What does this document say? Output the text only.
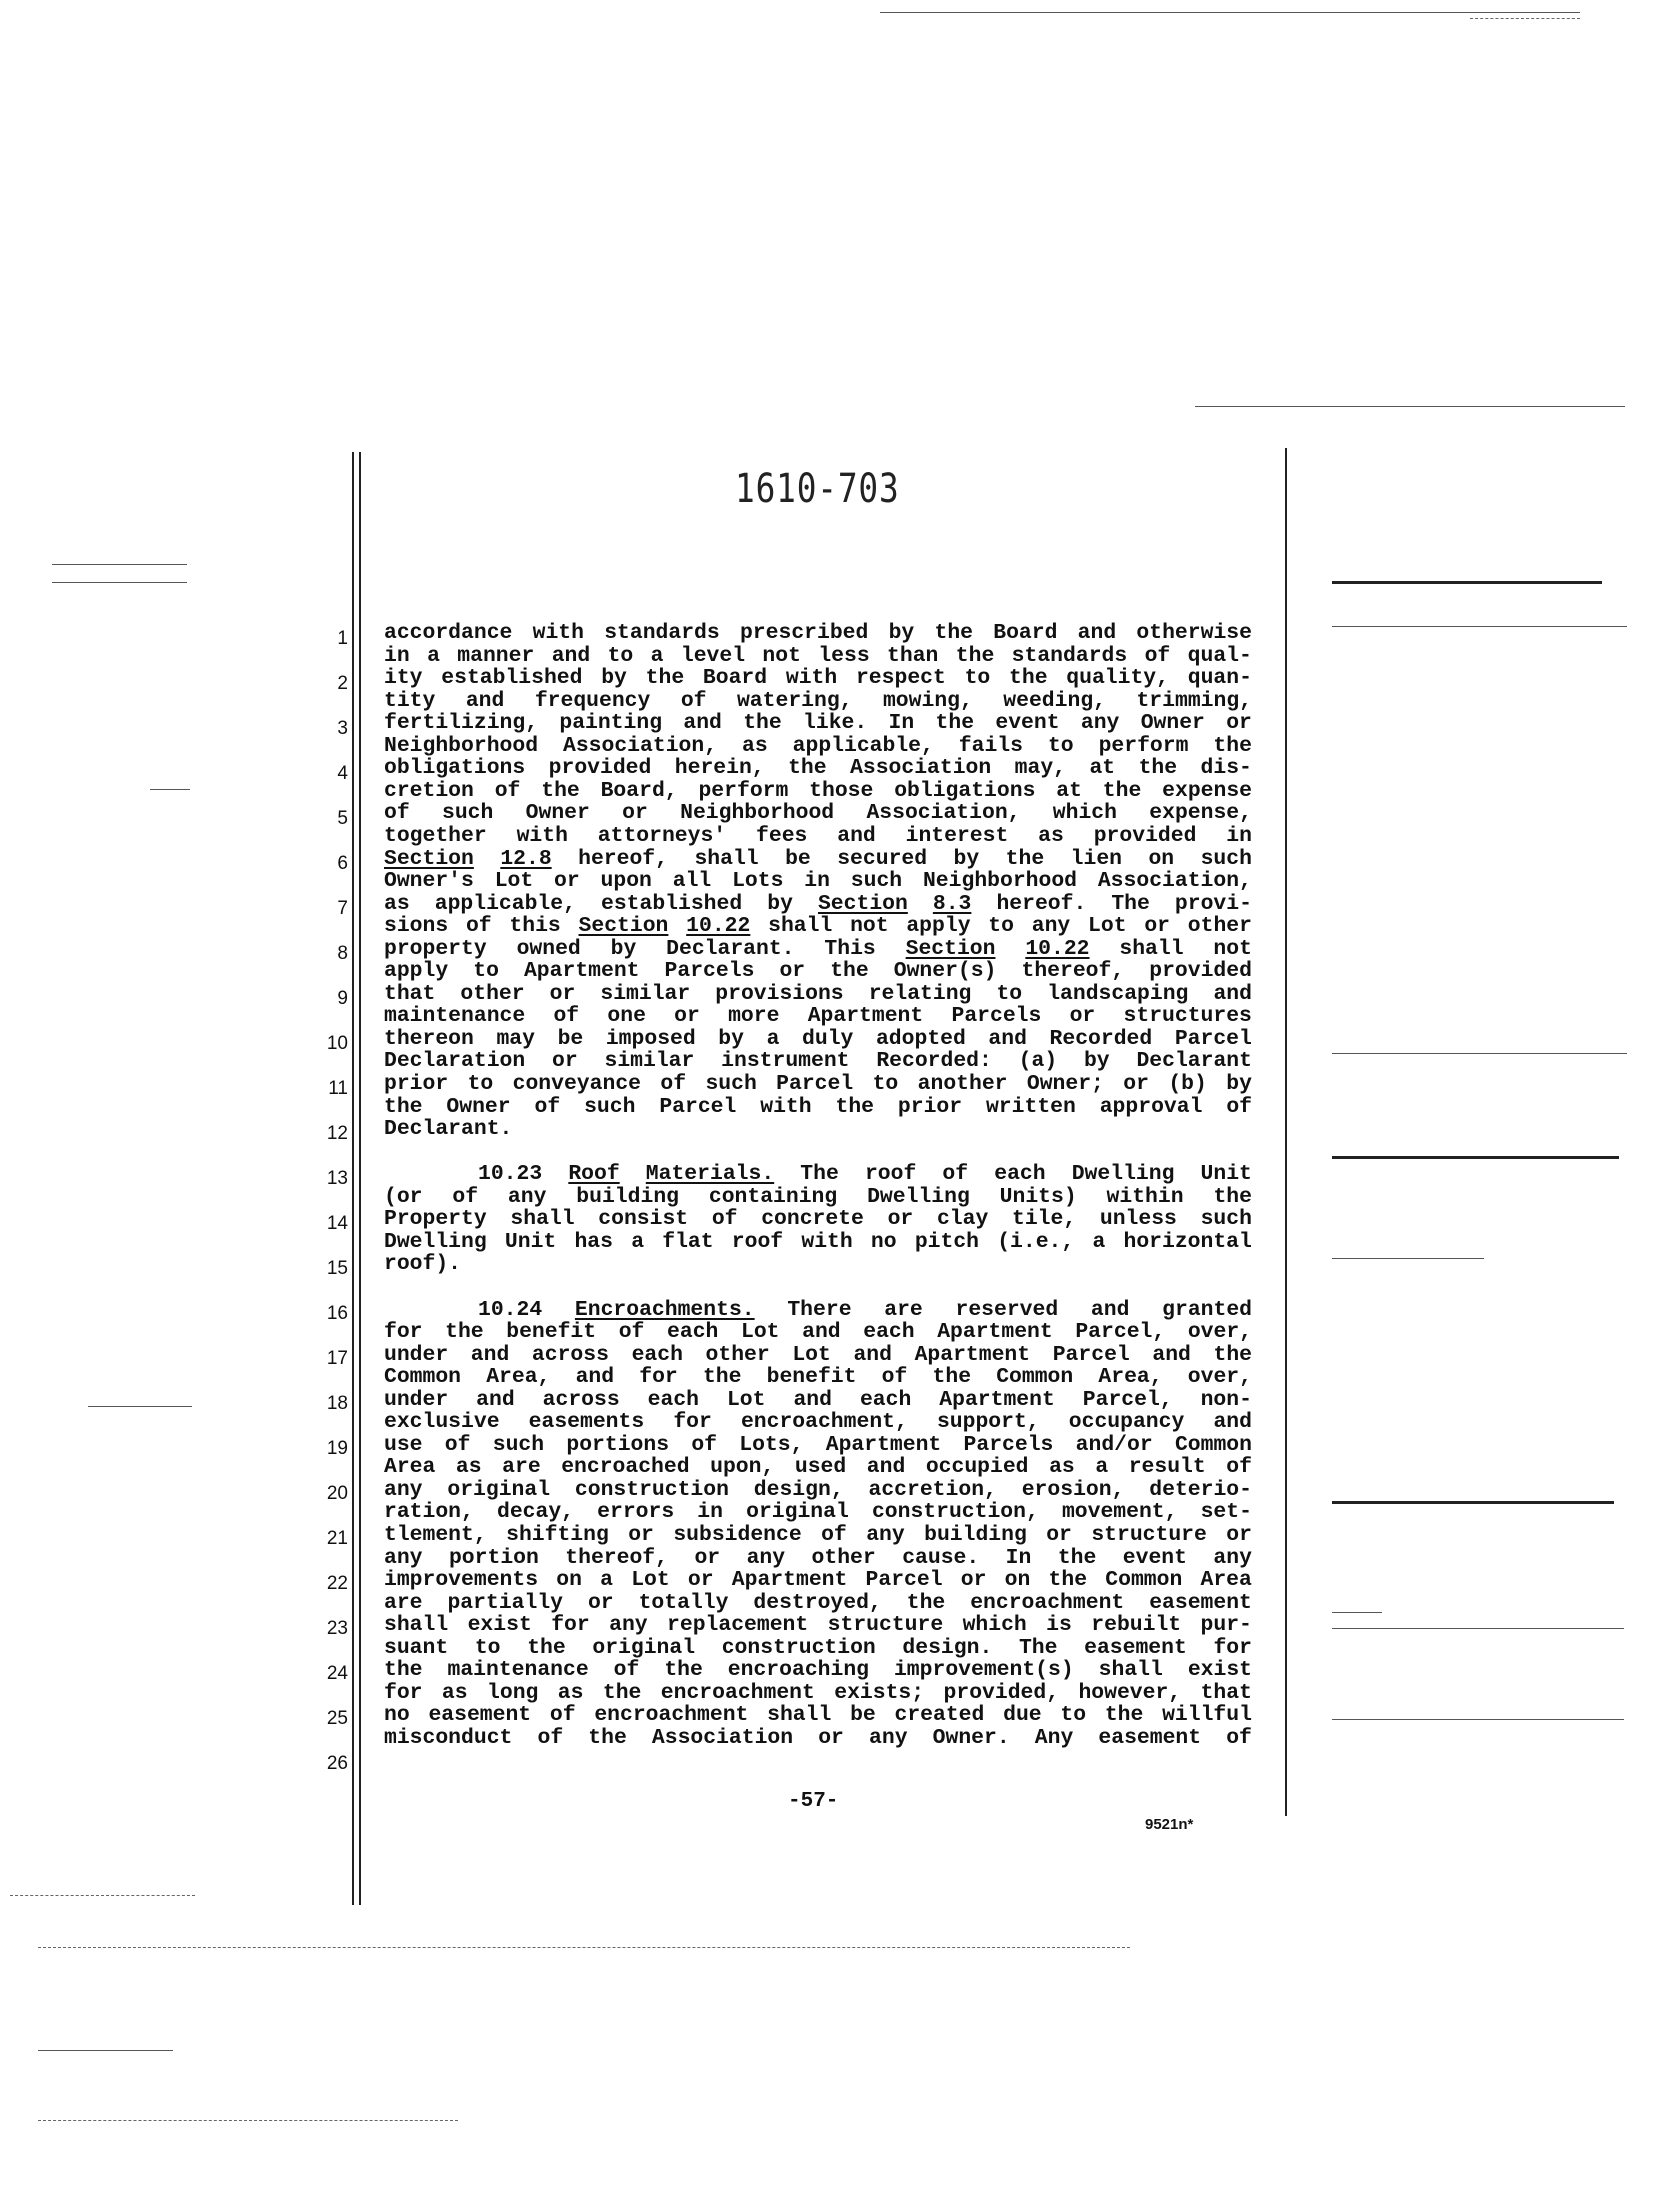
1610-703
1
2
3
4
5
6
7
8
9
10
11
12
13
14
15
16
17
18
19
20
21
22
23
24
25
26
accordance with standards prescribed by the Board and otherwise
in a manner and to a level not less than the standards of qual-
ity established by the Board with respect to the quality, quan-
tity and frequency of watering, mowing, weeding, trimming,
fertilizing, painting and the like. In the event any Owner or
Neighborhood Association, as applicable, fails to perform the
obligations provided herein, the Association may, at the dis-
cretion of the Board, perform those obligations at the expense
of such Owner or Neighborhood Association, which expense,
together with attorneys' fees and interest as provided in
Section 12.8 hereof, shall be secured by the lien on such
Owner's Lot or upon all Lots in such Neighborhood Association,
as applicable, established by Section 8.3 hereof. The provi-
sions of this Section 10.22 shall not apply to any Lot or other
property owned by Declarant. This Section 10.22 shall not
apply to Apartment Parcels or the Owner(s) thereof, provided
that other or similar provisions relating to landscaping and
maintenance of one or more Apartment Parcels or structures
thereon may be imposed by a duly adopted and Recorded Parcel
Declaration or similar instrument Recorded: (a) by Declarant
prior to conveyance of such Parcel to another Owner; or (b) by
the Owner of such Parcel with the prior written approval of
Declarant.
10.23 Roof Materials. The roof of each Dwelling Unit
(or of any building containing Dwelling Units) within the
Property shall consist of concrete or clay tile, unless such
Dwelling Unit has a flat roof with no pitch (i.e., a horizontal
roof).
10.24 Encroachments. There are reserved and granted
for the benefit of each Lot and each Apartment Parcel, over,
under and across each other Lot and Apartment Parcel and the
Common Area, and for the benefit of the Common Area, over,
under and across each Lot and each Apartment Parcel, non-
exclusive easements for encroachment, support, occupancy and
use of such portions of Lots, Apartment Parcels and/or Common
Area as are encroached upon, used and occupied as a result of
any original construction design, accretion, erosion, deterio-
ration, decay, errors in original construction, movement, set-
tlement, shifting or subsidence of any building or structure or
any portion thereof, or any other cause. In the event any
improvements on a Lot or Apartment Parcel or on the Common Area
are partially or totally destroyed, the encroachment easement
shall exist for any replacement structure which is rebuilt pur-
suant to the original construction design. The easement for
the maintenance of the encroaching improvement(s) shall exist
for as long as the encroachment exists; provided, however, that
no easement of encroachment shall be created due to the willful
misconduct of the Association or any Owner. Any easement of
-57-
9521n*
